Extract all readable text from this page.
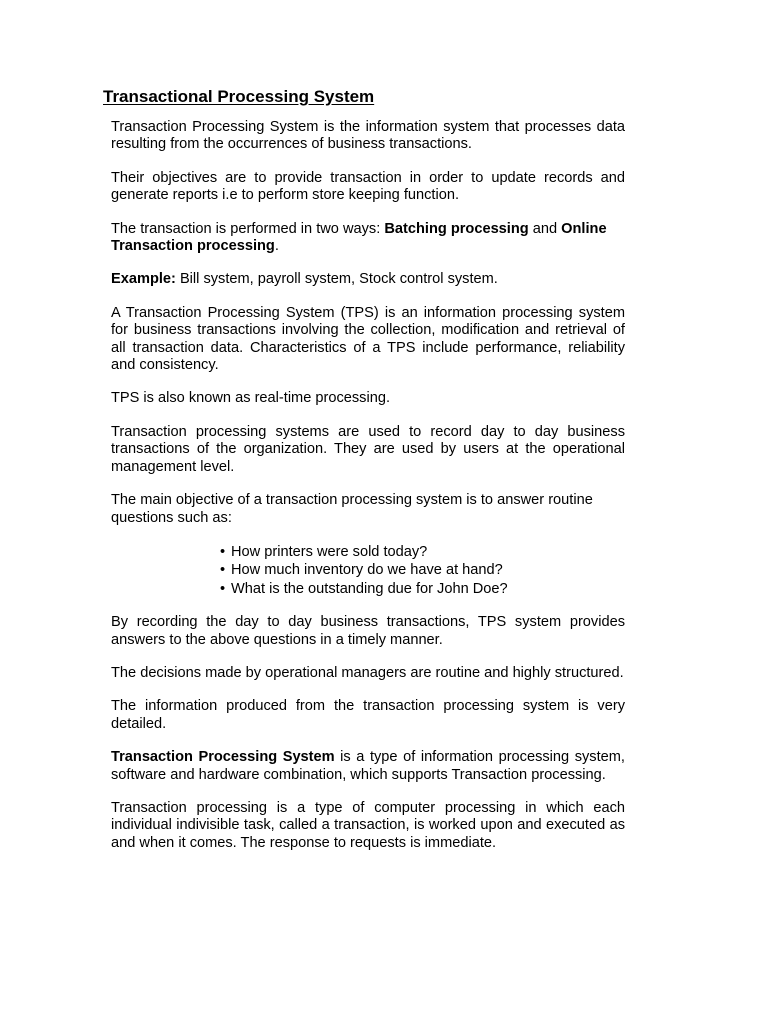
Transactional Processing System

Transaction Processing System is the information system that processes data resulting from the occurrences of business transactions.

Their objectives are to provide transaction in order to update records and generate reports i.e to perform store keeping function.

The transaction is performed in two ways: Batching processing and Online Transaction processing.

Example: Bill system, payroll system, Stock control system.

A Transaction Processing System (TPS) is an information processing system for business transactions involving the collection, modification and retrieval of all transaction data. Characteristics of a TPS include performance, reliability and consistency.

TPS is also known as real-time processing.

Transaction processing systems are used to record day to day business transactions of the organization. They are used by users at the operational management level.

The main objective of a transaction processing system is to answer routine questions such as:

• How printers were sold today?
• How much inventory do we have at hand?
• What is the outstanding due for John Doe?

By recording the day to day business transactions, TPS system provides answers to the above questions in a timely manner.

The decisions made by operational managers are routine and highly structured.

The information produced from the transaction processing system is very detailed.

Transaction Processing System is a type of information processing system, software and hardware combination, which supports Transaction processing.

Transaction processing is a type of computer processing in which each individual indivisible task, called a transaction, is worked upon and executed as and when it comes. The response to requests is immediate.
